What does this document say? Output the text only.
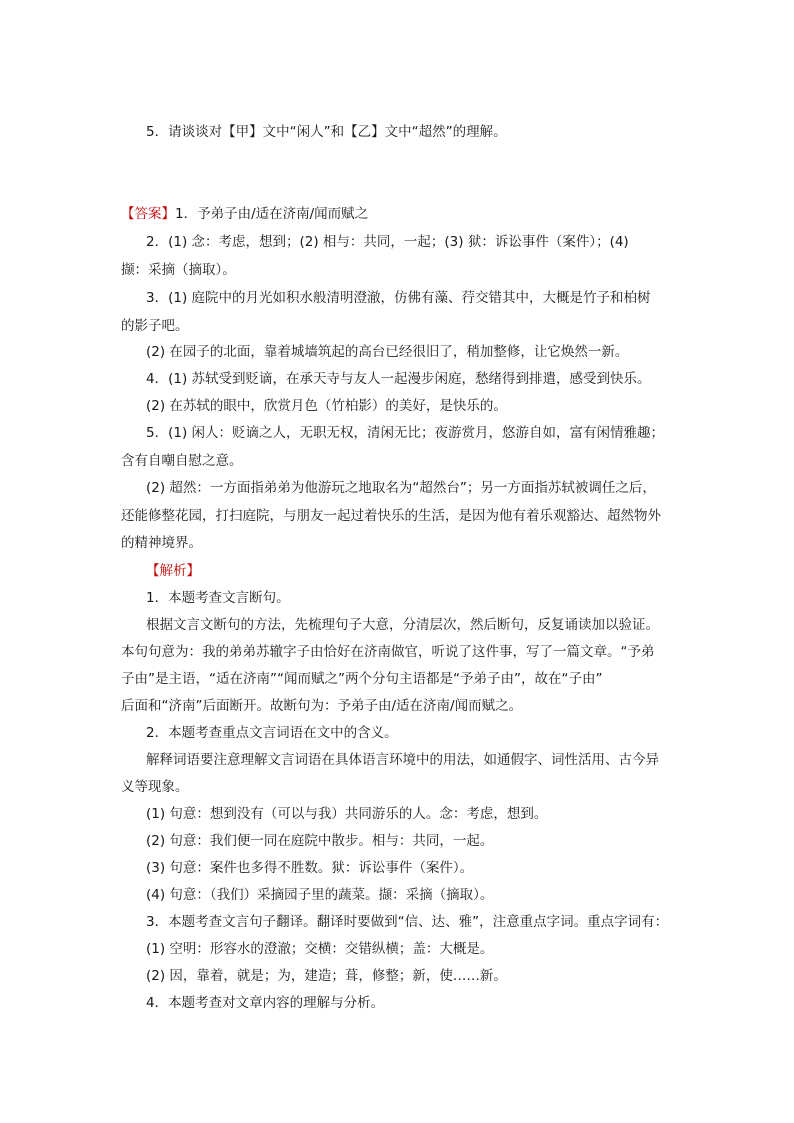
5．请谈谈对【甲】文中“闲人”和【乙】文中“超然”的理解。
【答案】1．予弟子由/适在济南/闻而赋之
2．(1) 念：考虑，想到；(2) 相与：共同，一起；(3) 狱：诉讼事件（案件）；(4)
撷：采摘（摘取）。
3．(1) 庭院中的月光如积水般清明澄澈，仿佛有藻、荇交错其中，大概是竹子和柏树
的影子吧。
(2) 在园子的北面，靠着城墙筑起的高台已经很旧了，稍加整修，让它焕然一新。
4．(1) 苏轼受到贬谪，在承天寺与友人一起漫步闲庭，愁绪得到排遣，感受到快乐。
(2) 在苏轼的眼中，欣赏月色（竹柏影）的美好，是快乐的。
5．(1) 闲人：贬谪之人，无职无权，清闲无比；夜游赏月，悠游自如，富有闲情雅趣；
含有自嘲自慰之意。
(2) 超然：一方面指弟弟为他游玩之地取名为“超然台”；另一方面指苏轼被调任之后，
还能修整花园，打扫庭院，与朋友一起过着快乐的生活，是因为他有着乐观豁达、超然物外
的精神境界。
【解析】
1．本题考查文言断句。
根据文言文断句的方法，先梳理句子大意，分清层次，然后断句，反复诵读加以验证。
本句句意为：我的弟弟苏辙字子由恰好在济南做官，听说了这件事，写了一篇文章。“予弟
子由”是主语，“适在济南”“闻而赋之”两个分句主语都是“予弟子由”，故在“子由”
后面和“济南”后面断开。故断句为：予弟子由/适在济南/闻而赋之。
2．本题考查重点文言词语在文中的含义。
解释词语要注意理解文言词语在具体语言环境中的用法，如通假字、词性活用、古今异
义等现象。
(1) 句意：想到没有（可以与我）共同游乐的人。念：考虑，想到。
(2) 句意：我们便一同在庭院中散步。相与：共同，一起。
(3) 句意：案件也多得不胜数。狱：诉讼事件（案件）。
(4) 句意：（我们）采摘园子里的蔬菜。撷：采摘（摘取）。
3．本题考查文言句子翻译。翻译时要做到“信、达、雅”，注意重点字词。重点字词有：
(1) 空明：形容水的澄澈；交横：交错纵横；盖：大概是。
(2) 因，靠着，就是；为，建造；葺，修整；新，使……新。
4．本题考查对文章内容的理解与分析。
